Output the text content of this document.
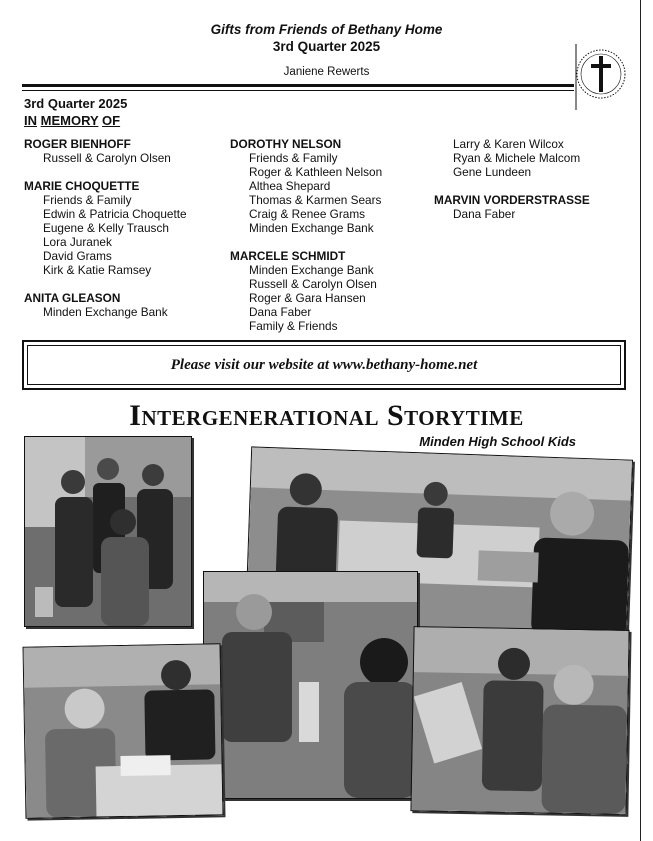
Gifts from Friends of Bethany Home
3rd Quarter 2025
Janiene Rewerts
3rd Quarter 2025
IN MEMORY OF
ROGER BIENHOFF
Russell & Carolyn Olsen
MARIE CHOQUETTE
Friends & Family
Edwin & Patricia Choquette
Eugene & Kelly Trausch
Lora Juranek
David Grams
Kirk & Katie Ramsey
ANITA GLEASON
Minden Exchange Bank
DOROTHY NELSON
Friends & Family
Roger & Kathleen Nelson
Althea Shepard
Thomas & Karmen Sears
Craig & Renee Grams
Minden Exchange Bank
MARCELE SCHMIDT
Minden Exchange Bank
Russell & Carolyn Olsen
Roger & Gara Hansen
Dana Faber
Family & Friends
Larry & Karen Wilcox
Ryan & Michele Malcom
Gene Lundeen
MARVIN VORDERSTRASSE
Dana Faber
Please visit our website at www.bethany-home.net
Intergenerational Storytime
Minden High School Kids
